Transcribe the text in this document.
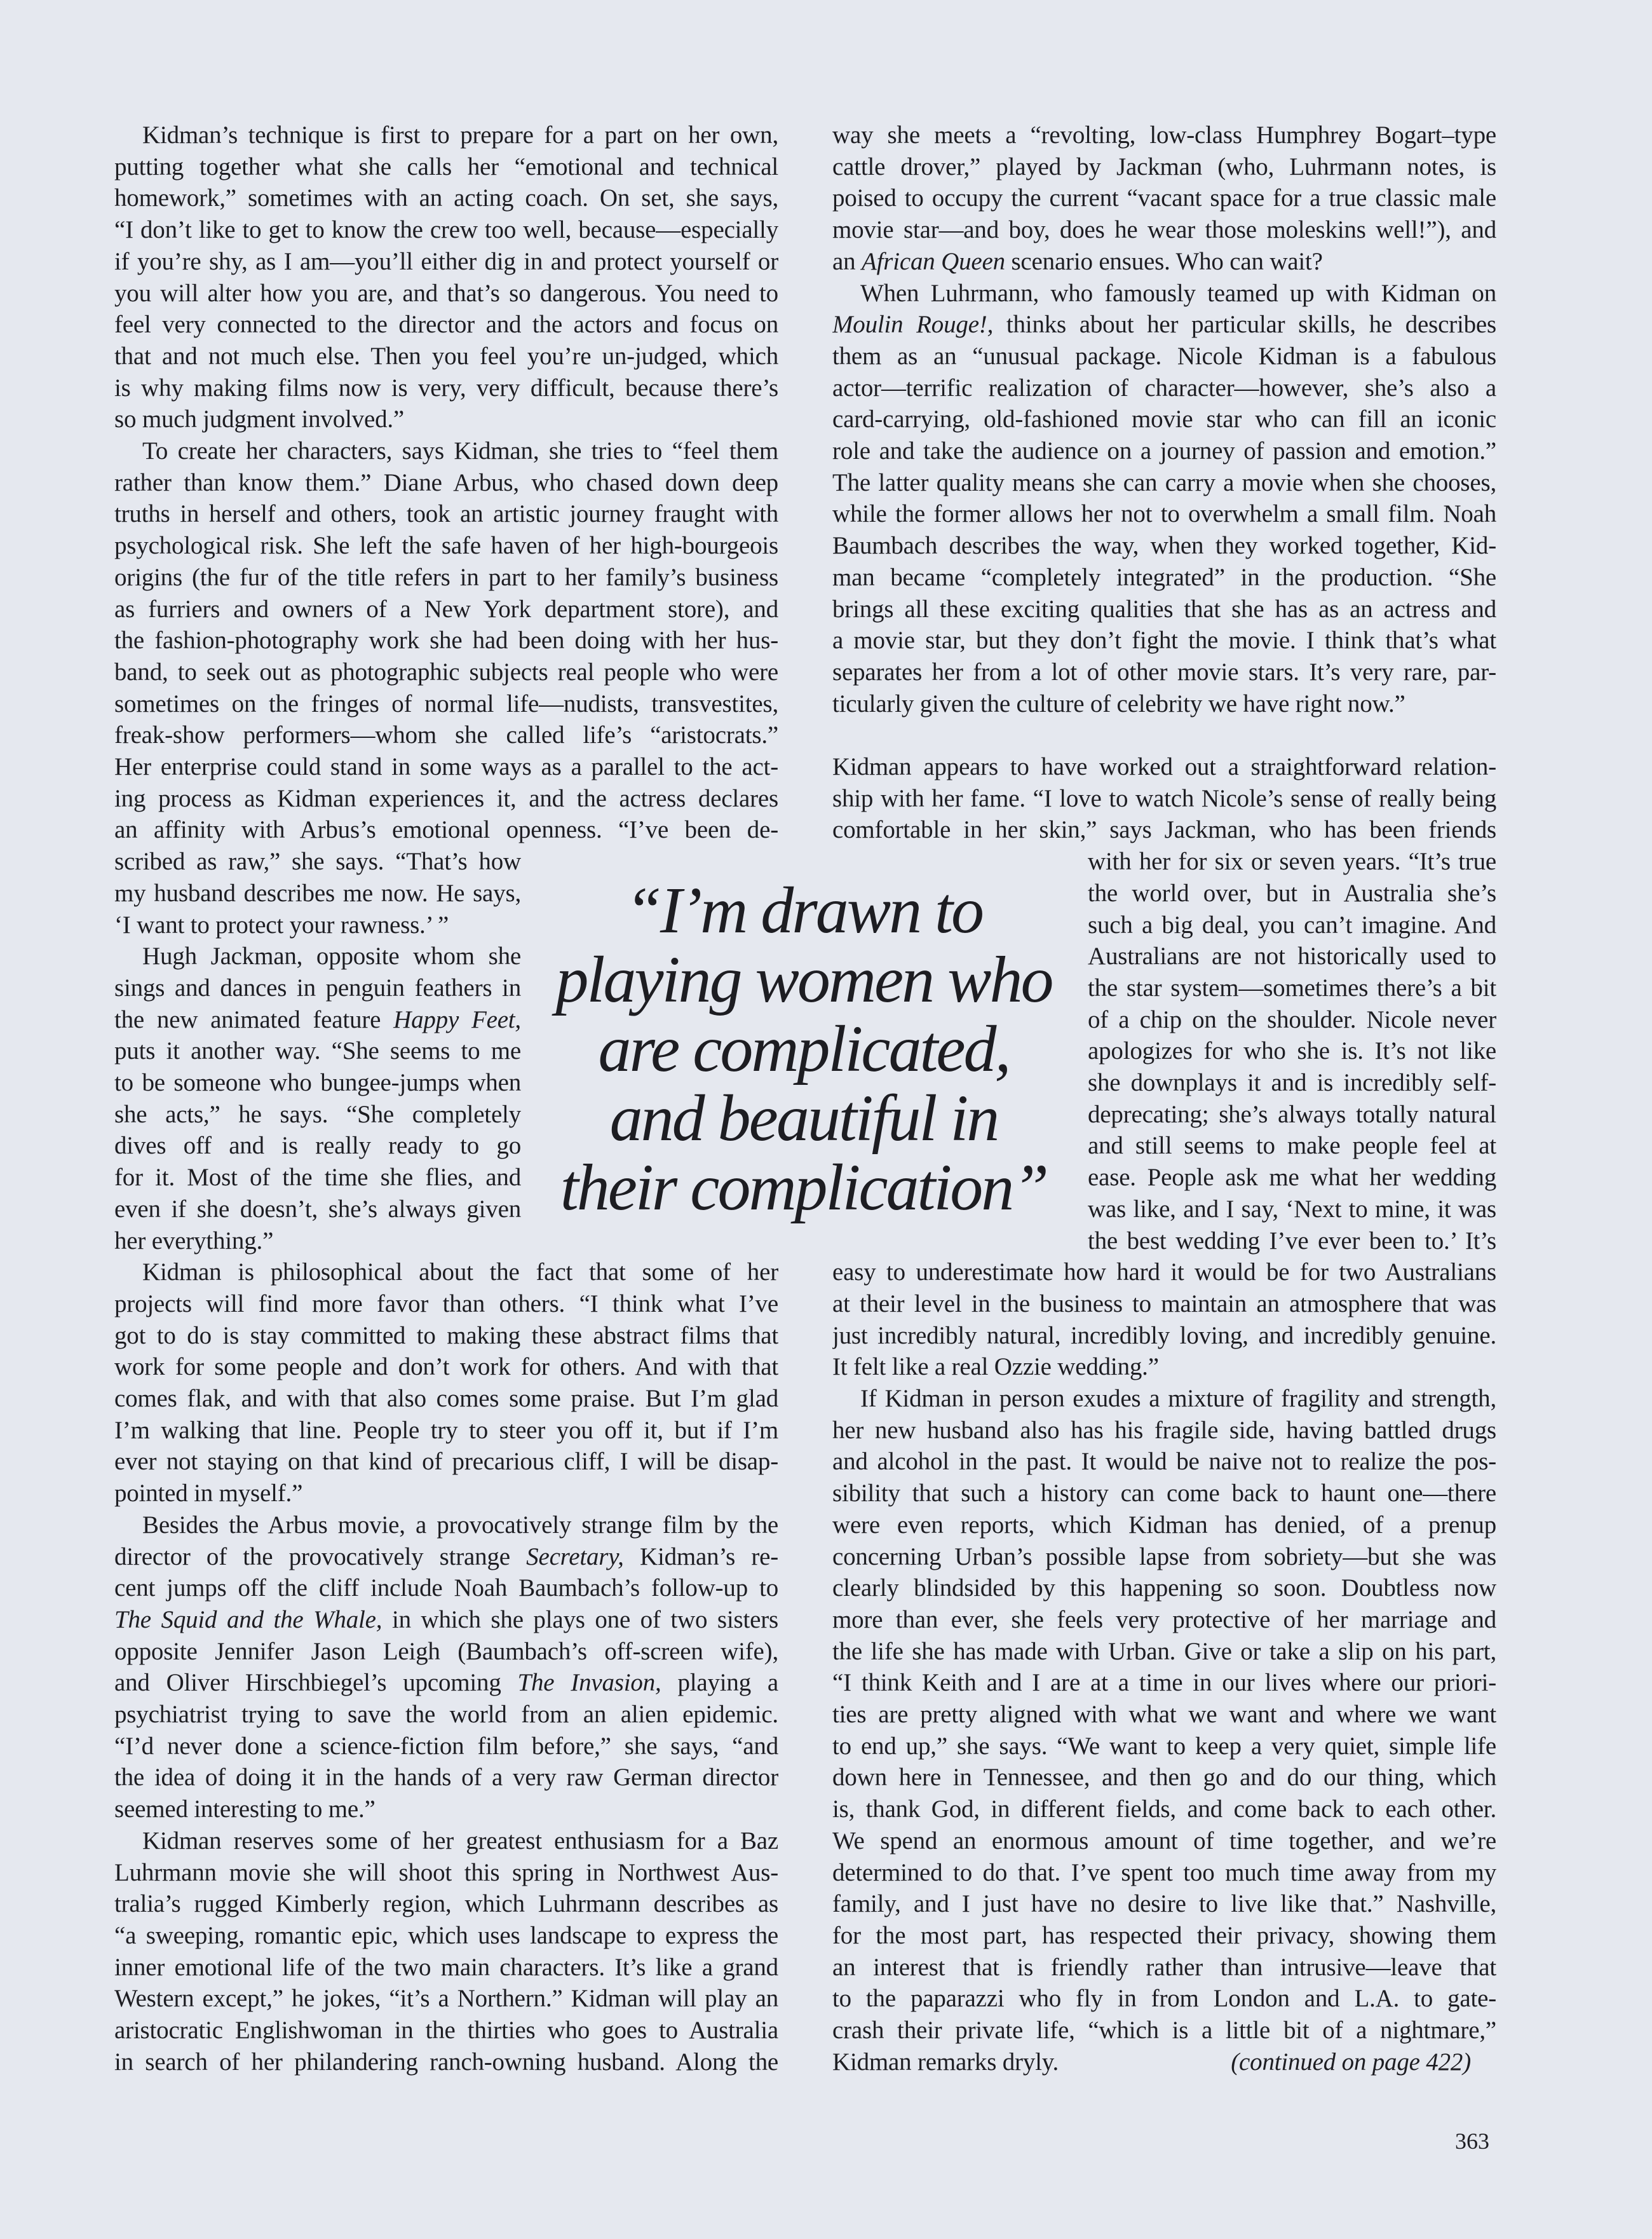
Kidman’s technique is first to prepare for a part on her own,
putting together what she calls her “emotional and technical
homework,” sometimes with an acting coach. On set, she says,
“I don’t like to get to know the crew too well, because—especially
if you’re shy, as I am—you’ll either dig in and protect yourself or
you will alter how you are, and that’s so dangerous. You need to
feel very connected to the director and the actors and focus on
that and not much else. Then you feel you’re un-judged, which
is why making films now is very, very difficult, because there’s
so much judgment involved.”
To create her characters, says Kidman, she tries to “feel them
rather than know them.” Diane Arbus, who chased down deep
truths in herself and others, took an artistic journey fraught with
psychological risk. She left the safe haven of her high-bourgeois
origins (the fur of the title refers in part to her family’s business
as furriers and owners of a New York department store), and
the fashion-photography work she had been doing with her hus-
band, to seek out as photographic subjects real people who were
sometimes on the fringes of normal life—nudists, transvestites,
freak-show performers—whom she called life’s “aristocrats.”
Her enterprise could stand in some ways as a parallel to the act-
ing process as Kidman experiences it, and the actress declares
an affinity with Arbus’s emotional openness. “I’ve been de-
scribed as raw,” she says. “That’s how
my husband describes me now. He says,
‘I want to protect your rawness.’ ”
Hugh Jackman, opposite whom she
sings and dances in penguin feathers in
the new animated feature Happy Feet,
puts it another way. “She seems to me
to be someone who bungee-jumps when
she acts,” he says. “She completely
dives off and is really ready to go
for it. Most of the time she flies, and
even if she doesn’t, she’s always given
her everything.”
Kidman is philosophical about the fact that some of her
projects will find more favor than others. “I think what I’ve
got to do is stay committed to making these abstract films that
work for some people and don’t work for others. And with that
comes flak, and with that also comes some praise. But I’m glad
I’m walking that line. People try to steer you off it, but if I’m
ever not staying on that kind of precarious cliff, I will be disap-
pointed in myself.”
Besides the Arbus movie, a provocatively strange film by the
director of the provocatively strange Secretary, Kidman’s re-
cent jumps off the cliff include Noah Baumbach’s follow-up to
The Squid and the Whale, in which she plays one of two sisters
opposite Jennifer Jason Leigh (Baumbach’s off-screen wife),
and Oliver Hirschbiegel’s upcoming The Invasion, playing a
psychiatrist trying to save the world from an alien epidemic.
“I’d never done a science-fiction film before,” she says, “and
the idea of doing it in the hands of a very raw German director
seemed interesting to me.”
Kidman reserves some of her greatest enthusiasm for a Baz
Luhrmann movie she will shoot this spring in Northwest Aus-
tralia’s rugged Kimberly region, which Luhrmann describes as
“a sweeping, romantic epic, which uses landscape to express the
inner emotional life of the two main characters. It’s like a grand
Western except,” he jokes, “it’s a Northern.” Kidman will play an
aristocratic Englishwoman in the thirties who goes to Australia
in search of her philandering ranch-owning husband. Along the
way she meets a “revolting, low-class Humphrey Bogart–type
cattle drover,” played by Jackman (who, Luhrmann notes, is
poised to occupy the current “vacant space for a true classic male
movie star—and boy, does he wear those moleskins well!”), and
an African Queen scenario ensues. Who can wait?
When Luhrmann, who famously teamed up with Kidman on
Moulin Rouge!, thinks about her particular skills, he describes
them as an “unusual package. Nicole Kidman is a fabulous
actor—terrific realization of character—however, she’s also a
card-carrying, old-fashioned movie star who can fill an iconic
role and take the audience on a journey of passion and emotion.”
The latter quality means she can carry a movie when she chooses,
while the former allows her not to overwhelm a small film. Noah
Baumbach describes the way, when they worked together, Kid-
man became “completely integrated” in the production. “She
brings all these exciting qualities that she has as an actress and
a movie star, but they don’t fight the movie. I think that’s what
separates her from a lot of other movie stars. It’s very rare, par-
ticularly given the culture of celebrity we have right now.”
Kidman appears to have worked out a straightforward relation-
ship with her fame. “I love to watch Nicole’s sense of really being
comfortable in her skin,” says Jackman, who has been friends
with her for six or seven years. “It’s true
the world over, but in Australia she’s
such a big deal, you can’t imagine. And
Australians are not historically used to
the star system—sometimes there’s a bit
of a chip on the shoulder. Nicole never
apologizes for who she is. It’s not like
she downplays it and is incredibly self-
deprecating; she’s always totally natural
and still seems to make people feel at
ease. People ask me what her wedding
was like, and I say, ‘Next to mine, it was
the best wedding I’ve ever been to.’ It’s
easy to underestimate how hard it would be for two Australians
at their level in the business to maintain an atmosphere that was
just incredibly natural, incredibly loving, and incredibly genuine.
It felt like a real Ozzie wedding.”
If Kidman in person exudes a mixture of fragility and strength,
her new husband also has his fragile side, having battled drugs
and alcohol in the past. It would be naive not to realize the pos-
sibility that such a history can come back to haunt one—there
were even reports, which Kidman has denied, of a prenup
concerning Urban’s possible lapse from sobriety—but she was
clearly blindsided by this happening so soon. Doubtless now
more than ever, she feels very protective of her marriage and
the life she has made with Urban. Give or take a slip on his part,
“I think Keith and I are at a time in our lives where our priori-
ties are pretty aligned with what we want and where we want
to end up,” she says. “We want to keep a very quiet, simple life
down here in Tennessee, and then go and do our thing, which
is, thank God, in different fields, and come back to each other.
We spend an enormous amount of time together, and we’re
determined to do that. I’ve spent too much time away from my
family, and I just have no desire to live like that.” Nashville,
for the most part, has respected their privacy, showing them
an interest that is friendly rather than intrusive—leave that
to the paparazzi who fly in from London and L.A. to gate-
crash their private life, “which is a little bit of a nightmare,”
Kidman remarks dryly.	(continued on page 422)
“I’m drawn to
playing women who
are complicated,
and beautiful in
their complication”
363
